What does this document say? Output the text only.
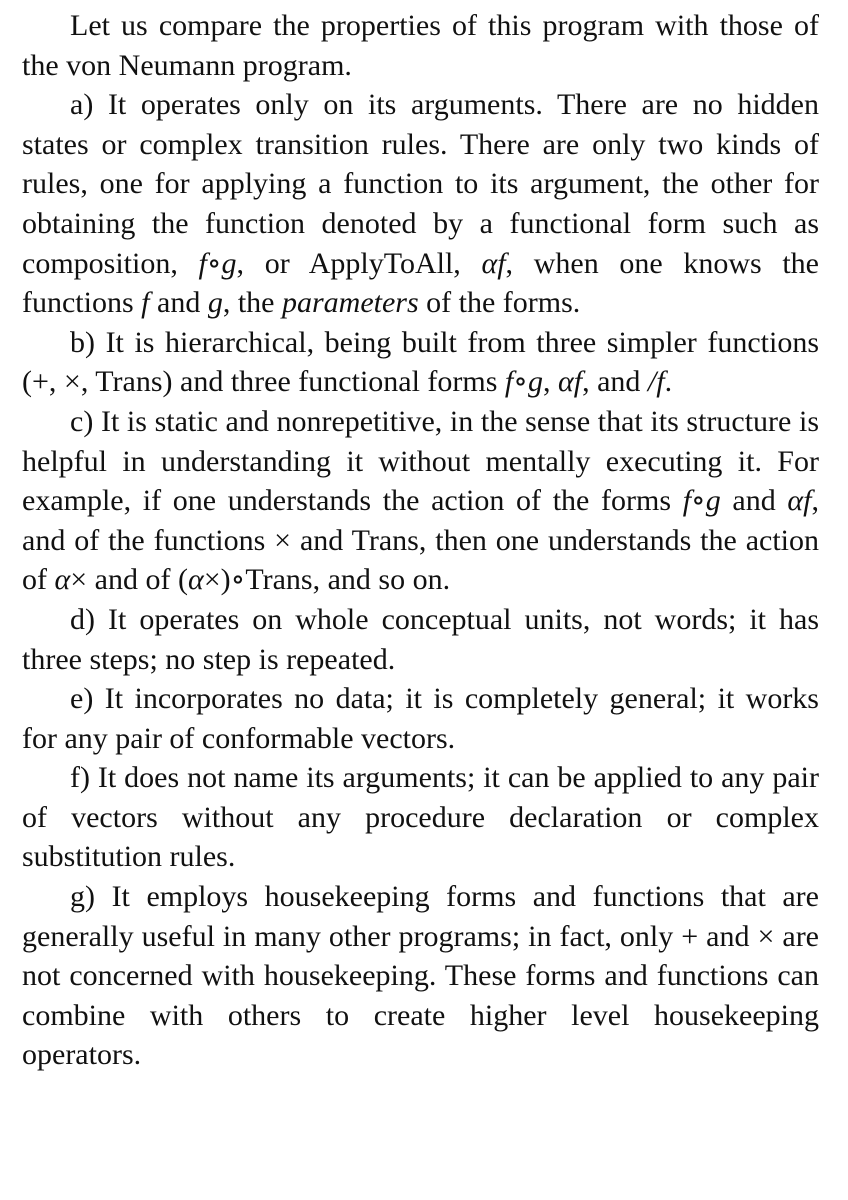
Let us compare the properties of this program with those of the von Neumann program.

a) It operates only on its arguments. There are no hidden states or complex transition rules. There are only two kinds of rules, one for applying a function to its argument, the other for obtaining the function denoted by a functional form such as composition, f∘g, or ApplyToAll, αf, when one knows the functions f and g, the parameters of the forms.

b) It is hierarchical, being built from three simpler functions (+, ×, Trans) and three functional forms f∘g, αf, and /f.

c) It is static and nonrepetitive, in the sense that its structure is helpful in understanding it without mentally executing it. For example, if one understands the action of the forms f∘g and αf, and of the functions × and Trans, then one understands the action of α× and of (α×)∘Trans, and so on.

d) It operates on whole conceptual units, not words; it has three steps; no step is repeated.

e) It incorporates no data; it is completely general; it works for any pair of conformable vectors.

f) It does not name its arguments; it can be applied to any pair of vectors without any procedure declaration or complex substitution rules.

g) It employs housekeeping forms and functions that are generally useful in many other programs; in fact, only + and × are not concerned with housekeeping. These forms and functions can combine with others to create higher level housekeeping operators.
